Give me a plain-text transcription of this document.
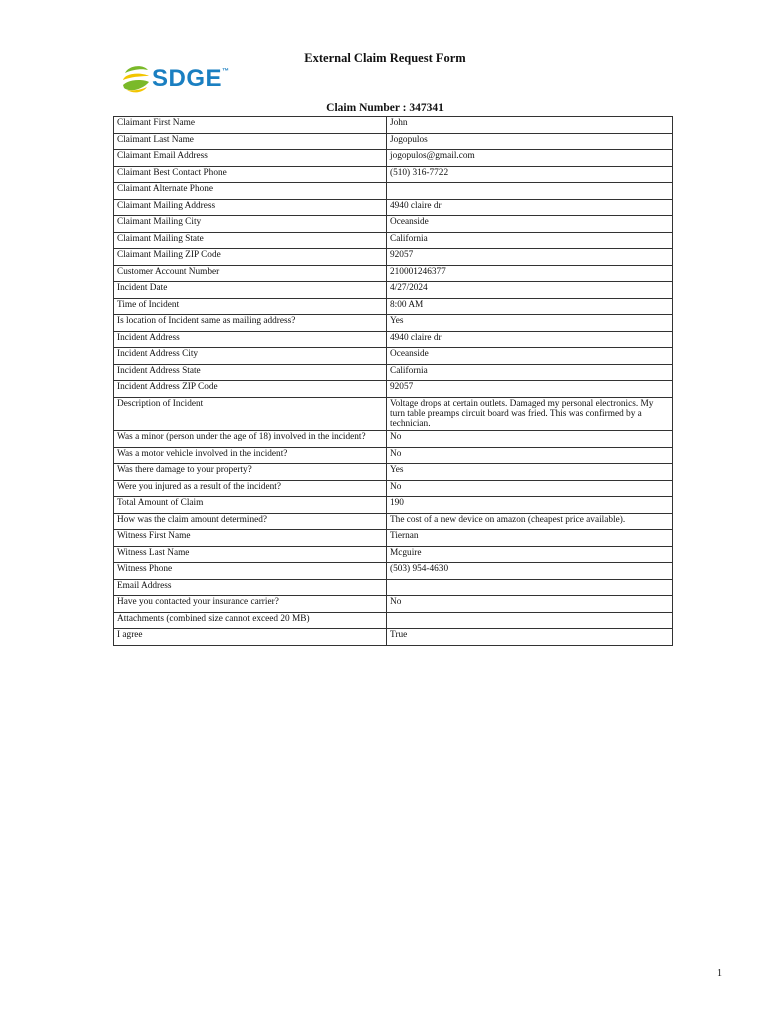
External Claim Request Form
SDGE™
Claim Number : 347341
Claimant First Name	John
Claimant Last Name	Jogopulos
Claimant Email Address	jogopulos@gmail.com
Claimant Best Contact Phone	(510) 316-7722
Claimant Alternate Phone	
Claimant Mailing Address	4940 claire dr
Claimant Mailing City	Oceanside
Claimant Mailing State	California
Claimant Mailing ZIP Code	92057
Customer Account Number	210001246377
Incident Date	4/27/2024
Time of Incident	8:00 AM
Is location of Incident same as mailing address?	Yes
Incident Address	4940 claire dr
Incident Address City	Oceanside
Incident Address State	California
Incident Address ZIP Code	92057
Description of Incident	Voltage drops at certain outlets. Damaged my personal electronics. My turn table preamps circuit board was fried. This was confirmed by a technician.
Was a minor (person under the age of 18) involved in the incident?	No
Was a motor vehicle involved in the incident?	No
Was there damage to your property?	Yes
Were you injured as a result of the incident?	No
Total Amount of Claim	190
How was the claim amount determined?	The cost of a new device on amazon (cheapest price available).
Witness First Name	Tiernan
Witness Last Name	Mcguire
Witness Phone	(503) 954-4630
Email Address	
Have you contacted your insurance carrier?	No
Attachments (combined size cannot exceed 20 MB)	
I agree	True
1
